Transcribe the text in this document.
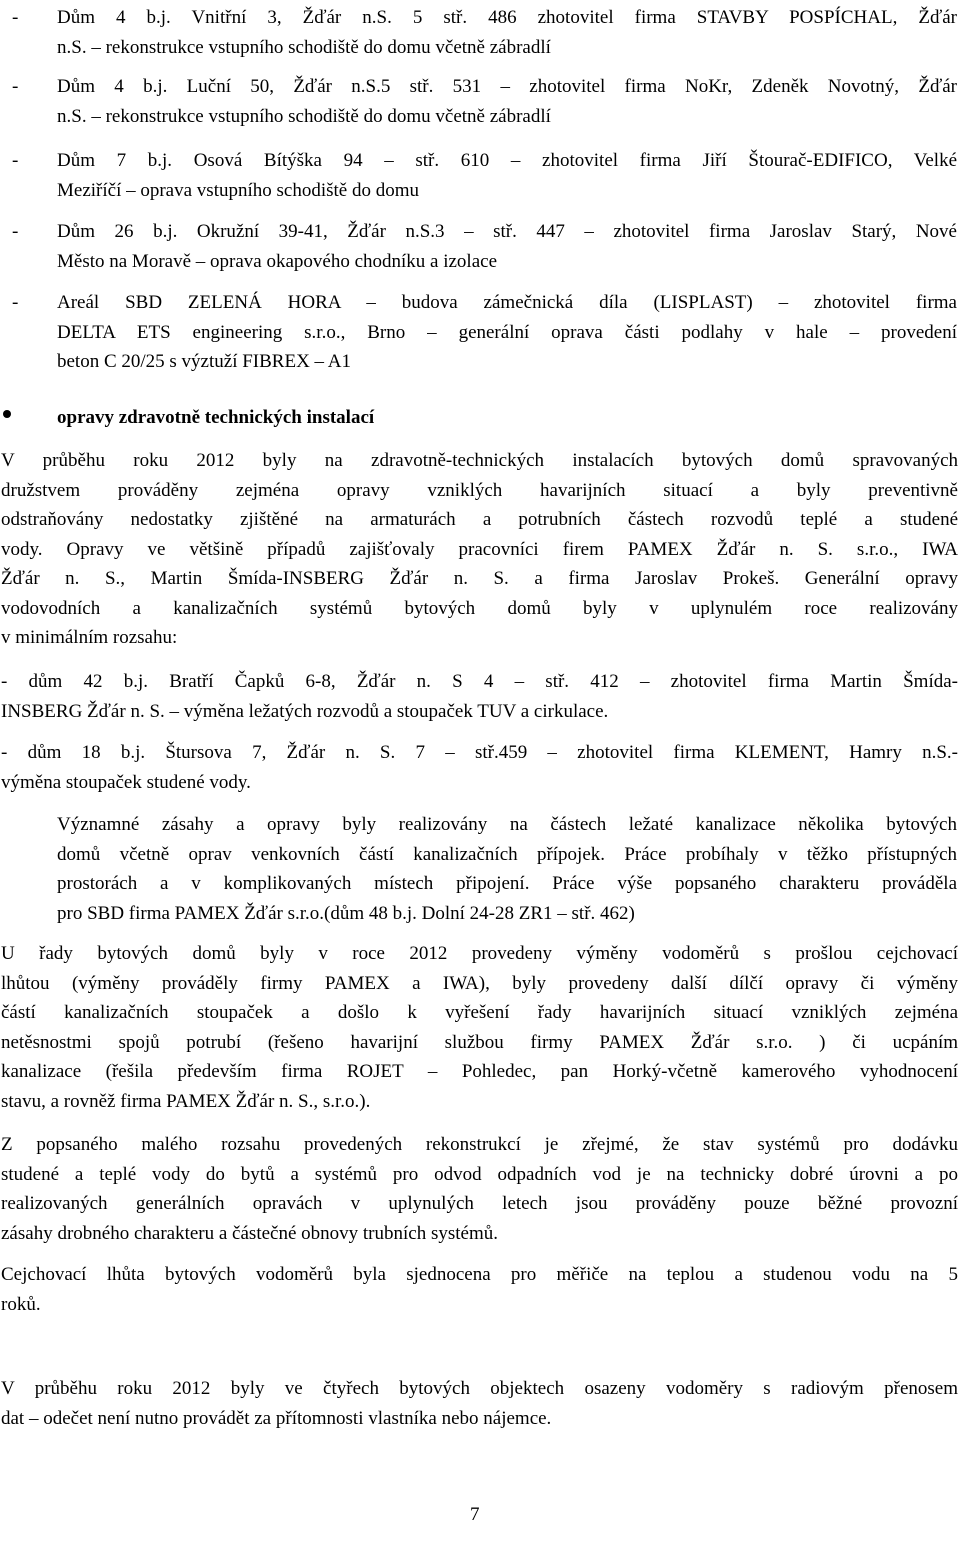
- Dům 4 b.j. Vnitřní 3, Žďár n.S. 5 stř. 486 zhotovitel firma STAVBY POSPÍCHAL, Žďár
n.S. – rekonstrukce vstupního schodiště do domu včetně zábradlí
- Dům 4 b.j. Luční 50, Žďár n.S.5 stř. 531 – zhotovitel firma NoKr, Zdeněk Novotný, Žďár
n.S. – rekonstrukce vstupního schodiště do domu včetně zábradlí
- Dům 7 b.j. Osová Bítýška 94 – stř. 610 – zhotovitel firma Jiří Štourač-EDIFICO, Velké
Meziříčí – oprava vstupního schodiště do domu
- Dům 26 b.j. Okružní 39-41, Žďár n.S.3 – stř. 447 – zhotovitel firma Jaroslav Starý, Nové
Město na Moravě – oprava okapového chodníku a izolace
- Areál SBD ZELENÁ HORA – budova zámečnická díla (LISPLAST) – zhotovitel firma
DELTA ETS engineering s.r.o., Brno – generální oprava části podlahy v hale – provedení
beton C 20/25 s výztuží FIBREX – A1
opravy zdravotně technických instalací
V průběhu roku 2012 byly na zdravotně-technických instalacích bytových domů spravovaných
družstvem prováděny zejména opravy vzniklých havarijních situací a byly preventivně
odstraňovány nedostatky zjištěné na armaturách a potrubních částech rozvodů teplé a studené
vody. Opravy ve většině případů zajišťovaly pracovníci firem PAMEX Žďár n. S. s.r.o., IWA
Žďár n. S., Martin Šmída-INSBERG Žďár n. S. a firma Jaroslav Prokeš. Generální opravy
vodovodních a kanalizačních systémů bytových domů byly v uplynulém roce realizovány
v minimálním rozsahu:
- dům 42 b.j. Bratří Čapků 6-8, Žďár n. S 4 – stř. 412 – zhotovitel firma Martin Šmída-
INSBERG Žďár n. S. – výměna ležatých rozvodů a stoupaček TUV a cirkulace.
- dům 18 b.j. Štursova 7, Žďár n. S. 7 – stř.459 – zhotovitel firma KLEMENT, Hamry n.S.-
výměna stoupaček studené vody.
Významné zásahy a opravy byly realizovány na částech ležaté kanalizace několika bytových
domů včetně oprav venkovních částí kanalizačních přípojek. Práce probíhaly v těžko přístupných
prostorách a v komplikovaných místech připojení. Práce výše popsaného charakteru prováděla
pro SBD firma PAMEX Žďár s.r.o.(dům 48 b.j. Dolní 24-28 ZR1 – stř. 462)
U řady bytových domů byly v roce 2012 provedeny výměny vodoměrů s prošlou cejchovací
lhůtou (výměny prováděly firmy PAMEX a IWA), byly provedeny další dílčí opravy či výměny
částí kanalizačních stoupaček a došlo k vyřešení řady havarijních situací vzniklých zejména
netěsnostmi spojů potrubí (řešeno havarijní službou firmy PAMEX Žďár s.r.o. ) či ucpáním
kanalizace (řešila především firma ROJET – Pohledec, pan Horký-včetně kamerového vyhodnocení
stavu, a rovněž firma PAMEX Žďár n. S., s.r.o.).
Z popsaného malého rozsahu provedených rekonstrukcí je zřejmé, že stav systémů pro dodávku
studené a teplé vody do bytů a systémů pro odvod odpadních vod je na technicky dobré úrovni a po
realizovaných generálních opravách v uplynulých letech jsou prováděny pouze běžné provozní
zásahy drobného charakteru a částečné obnovy trubních systémů.
Cejchovací lhůta bytových vodoměrů byla sjednocena pro měřiče na teplou a studenou vodu na 5
roků.
V průběhu roku 2012 byly ve čtyřech bytových objektech osazeny vodoměry s radiovým přenosem
dat – odečet není nutno provádět za přítomnosti vlastníka nebo nájemce.
7
